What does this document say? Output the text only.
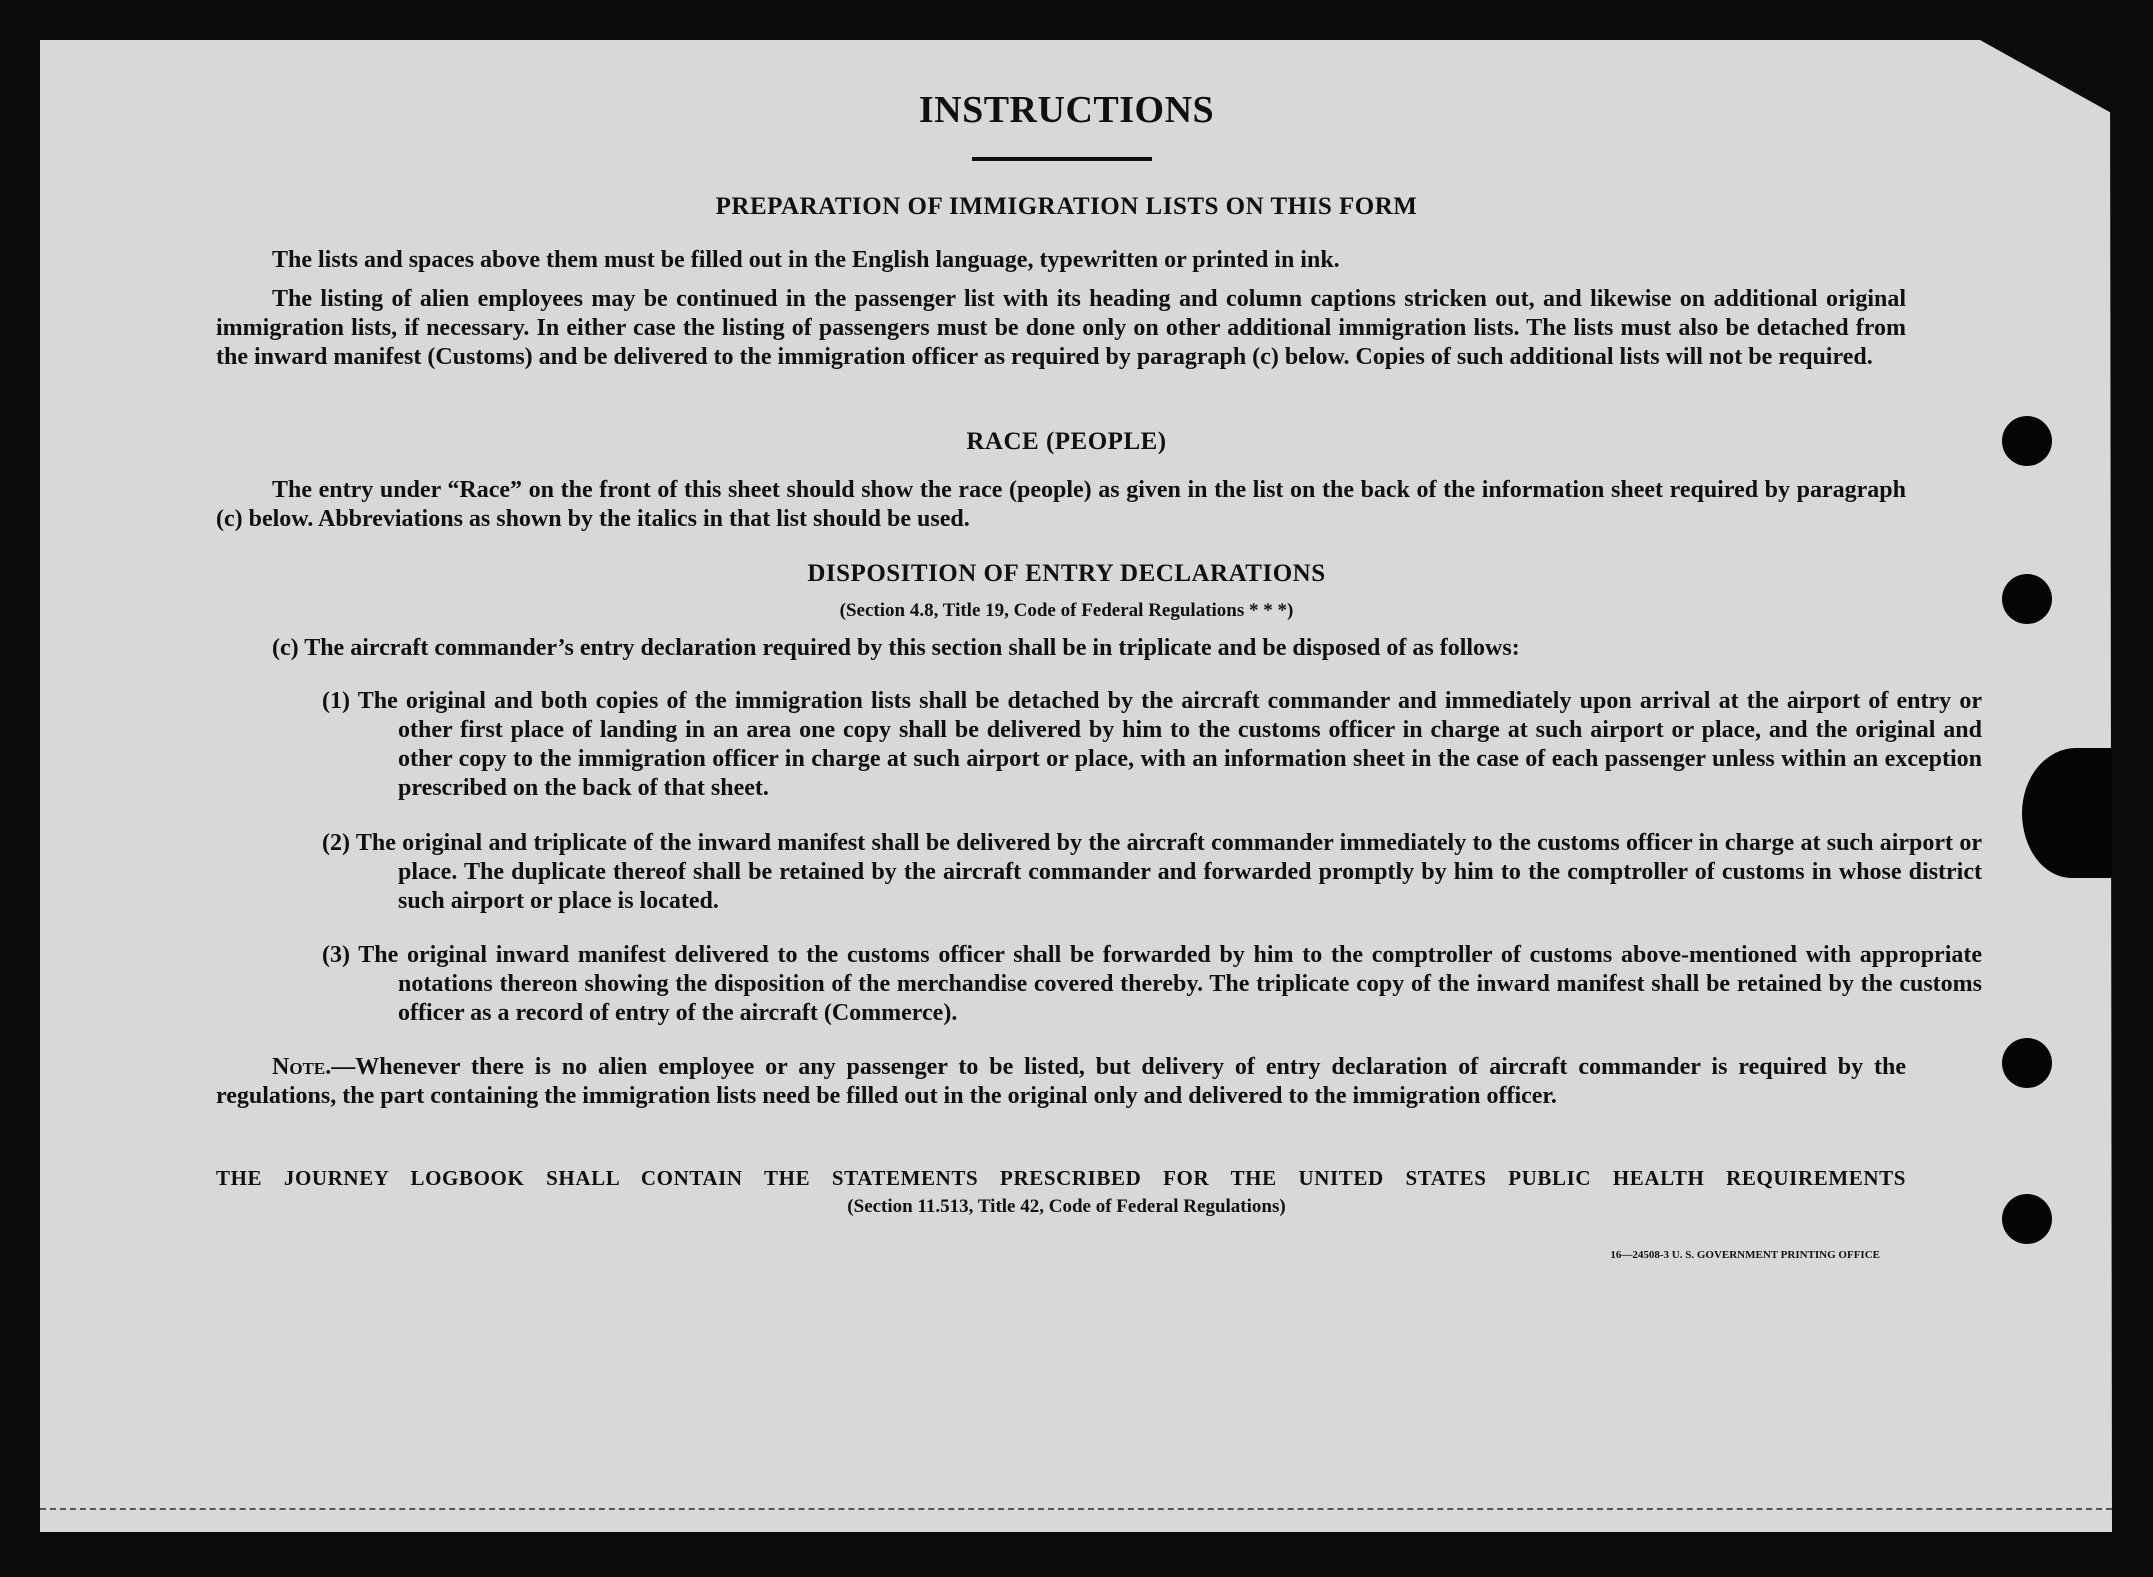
INSTRUCTIONS
PREPARATION OF IMMIGRATION LISTS ON THIS FORM
The lists and spaces above them must be filled out in the English language, typewritten or printed in ink.
The listing of alien employees may be continued in the passenger list with its heading and column captions stricken out, and likewise on additional original immigration lists, if necessary. In either case the listing of passengers must be done only on other additional immigration lists. The lists must also be detached from the inward manifest (Customs) and be delivered to the immigration officer as required by paragraph (c) below. Copies of such additional lists will not be required.
RACE (PEOPLE)
The entry under “Race” on the front of this sheet should show the race (people) as given in the list on the back of the information sheet required by paragraph (c) below. Abbreviations as shown by the italics in that list should be used.
DISPOSITION OF ENTRY DECLARATIONS
(Section 4.8, Title 19, Code of Federal Regulations * * *)
(c) The aircraft commander’s entry declaration required by this section shall be in triplicate and be disposed of as follows:
(1) The original and both copies of the immigration lists shall be detached by the aircraft commander and immediately upon arrival at the airport of entry or other first place of landing in an area one copy shall be delivered by him to the customs officer in charge at such airport or place, and the original and other copy to the immigration officer in charge at such airport or place, with an information sheet in the case of each passenger unless within an exception prescribed on the back of that sheet.
(2) The original and triplicate of the inward manifest shall be delivered by the aircraft commander immediately to the customs officer in charge at such airport or place. The duplicate thereof shall be retained by the aircraft commander and forwarded promptly by him to the comptroller of customs in whose district such airport or place is located.
(3) The original inward manifest delivered to the customs officer shall be forwarded by him to the comptroller of customs above-mentioned with appropriate notations thereon showing the disposition of the merchandise covered thereby. The triplicate copy of the inward manifest shall be retained by the customs officer as a record of entry of the aircraft (Commerce).
Note.—Whenever there is no alien employee or any passenger to be listed, but delivery of entry declaration of aircraft commander is required by the regulations, the part containing the immigration lists need be filled out in the original only and delivered to the immigration officer.
THE JOURNEY LOGBOOK SHALL CONTAIN THE STATEMENTS PRESCRIBED FOR THE UNITED STATES PUBLIC HEALTH REQUIREMENTS
(Section 11.513, Title 42, Code of Federal Regulations)
16—24508-3 U. S. GOVERNMENT PRINTING OFFICE
